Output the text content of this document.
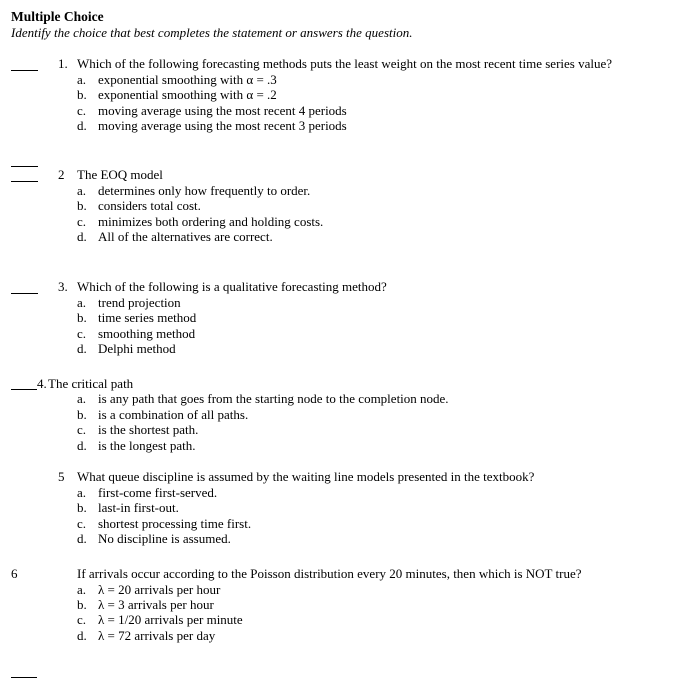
Multiple Choice
Identify the choice that best completes the statement or answers the question.
1. Which of the following forecasting methods puts the least weight on the most recent time series value?
a. exponential smoothing with α = .3
b. exponential smoothing with α = .2
c. moving average using the most recent 4 periods
d. moving average using the most recent 3 periods
2 The EOQ model
a. determines only how frequently to order.
b. considers total cost.
c. minimizes both ordering and holding costs.
d. All of the alternatives are correct.
3. Which of the following is a qualitative forecasting method?
a. trend projection
b. time series method
c. smoothing method
d. Delphi method
4. The critical path
a. is any path that goes from the starting node to the completion node.
b. is a combination of all paths.
c. is the shortest path.
d. is the longest path.
5 What queue discipline is assumed by the waiting line models presented in the textbook?
a. first-come first-served.
b. last-in first-out.
c. shortest processing time first.
d. No discipline is assumed.
6	If arrivals occur according to the Poisson distribution every 20 minutes, then which is NOT true?
a. λ = 20 arrivals per hour
b. λ = 3 arrivals per hour
c. λ = 1/20 arrivals per minute
d. λ = 72 arrivals per day
